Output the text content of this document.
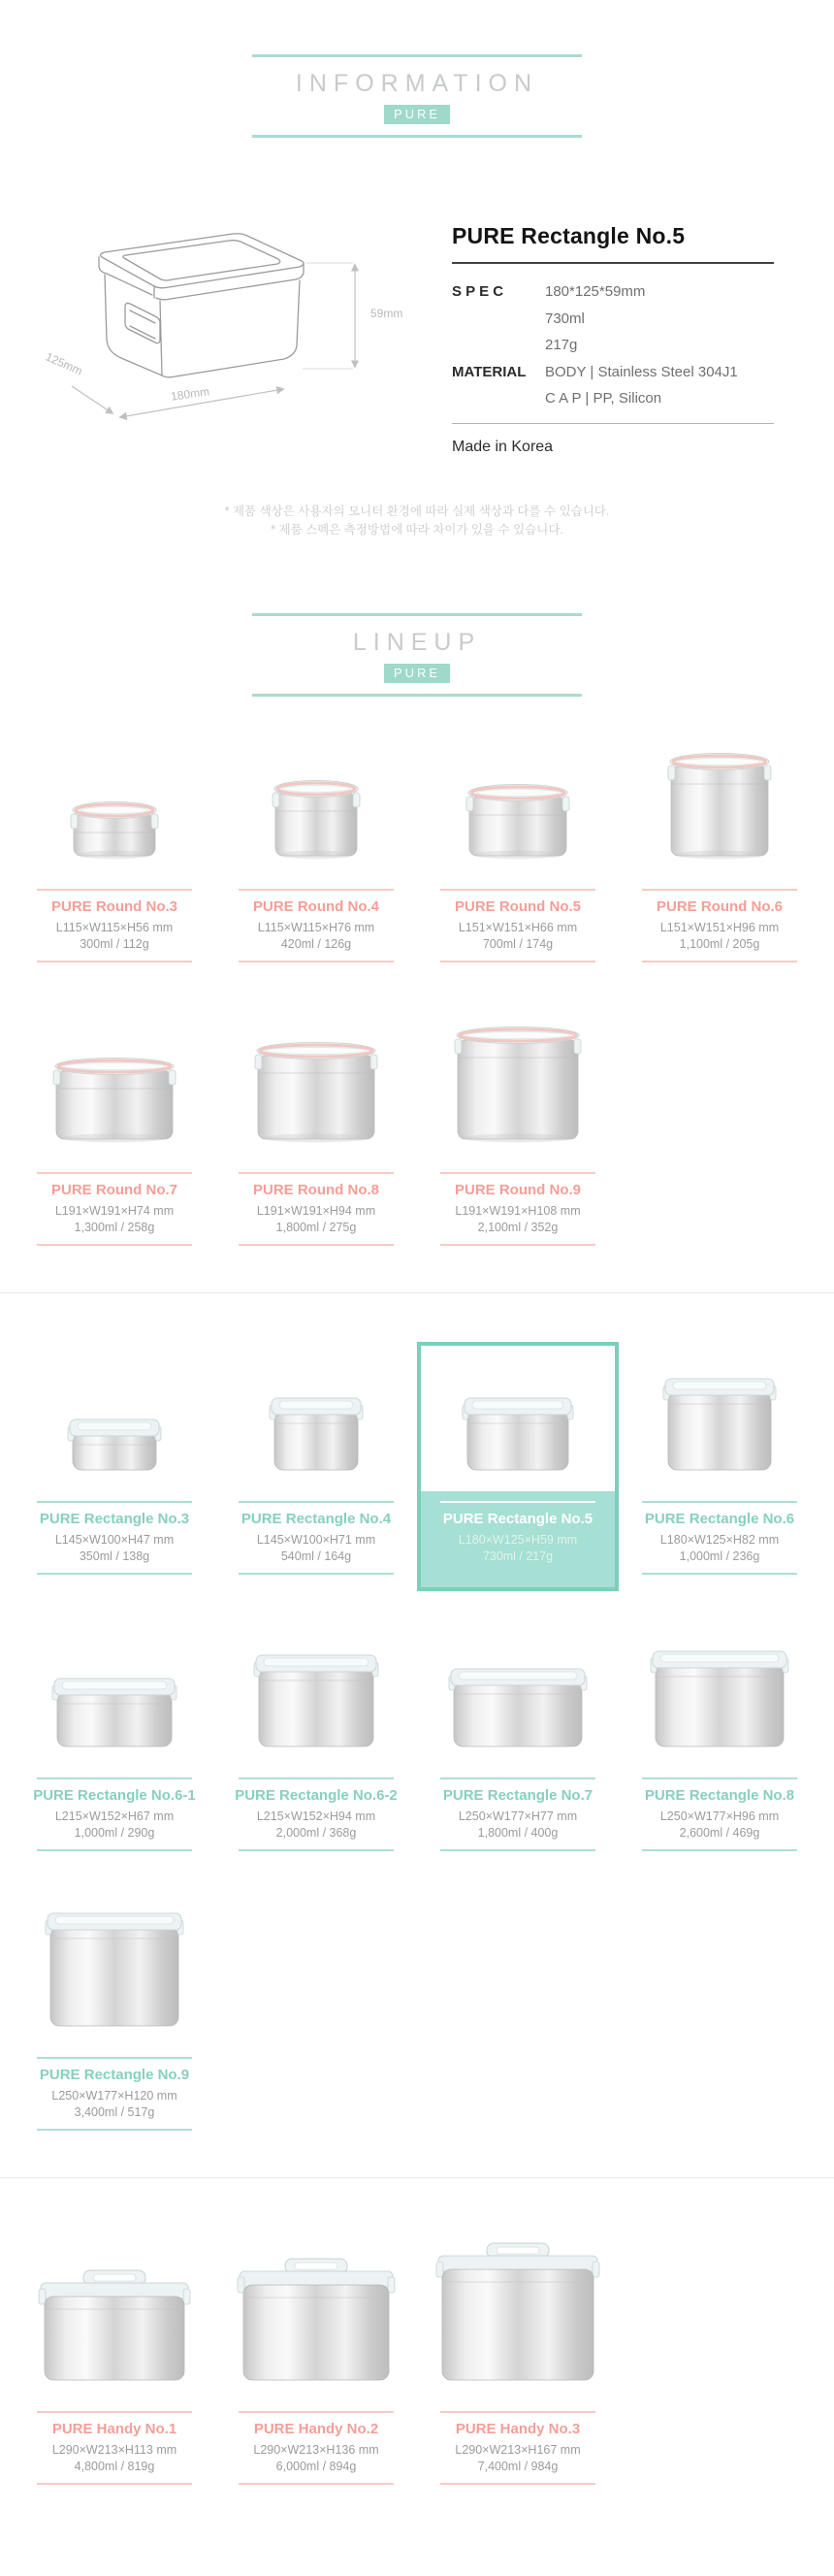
INFORMATION
PURE
59mm
125mm
180mm
PURE Rectangle No.5
S P E C	180*125*59mm
730ml
217g
MATERIAL	BODY | Stainless Steel 304J1
C A P | PP, Silicon
Made in Korea

* 제품 색상은 사용자의 모니터 환경에 따라 실제 색상과 다를 수 있습니다.

* 제품 스펙은 측정방법에 따라 차이가 있을 수 있습니다.

LINEUP
PURE
PURE Round No.3
L115×W115×H56 mm
300ml / 112g
PURE Round No.4
L115×W115×H76 mm
420ml / 126g
PURE Round No.5
L151×W151×H66 mm
700ml / 174g
PURE Round No.6
L151×W151×H96 mm
1,100ml / 205g
PURE Round No.7
L191×W191×H74 mm
1,300ml / 258g
PURE Round No.8
L191×W191×H94 mm
1,800ml / 275g
PURE Round No.9
L191×W191×H108 mm
2,100ml / 352g
PURE Rectangle No.3
L145×W100×H47 mm
350ml / 138g
PURE Rectangle No.4
L145×W100×H71 mm
540ml / 164g
PURE Rectangle No.5
L180×W125×H59 mm
730ml / 217g
PURE Rectangle No.6
L180×W125×H82 mm
1,000ml / 236g
PURE Rectangle No.6-1
L215×W152×H67 mm
1,000ml / 290g
PURE Rectangle No.6-2
L215×W152×H94 mm
2,000ml / 368g
PURE Rectangle No.7
L250×W177×H77 mm
1,800ml / 400g
PURE Rectangle No.8
L250×W177×H96 mm
2,600ml / 469g
PURE Rectangle No.9
L250×W177×H120 mm
3,400ml / 517g
PURE Handy No.1
L290×W213×H113 mm
4,800ml / 819g
PURE Handy No.2
L290×W213×H136 mm
6,000ml / 894g
PURE Handy No.3
L290×W213×H167 mm
7,400ml / 984g
